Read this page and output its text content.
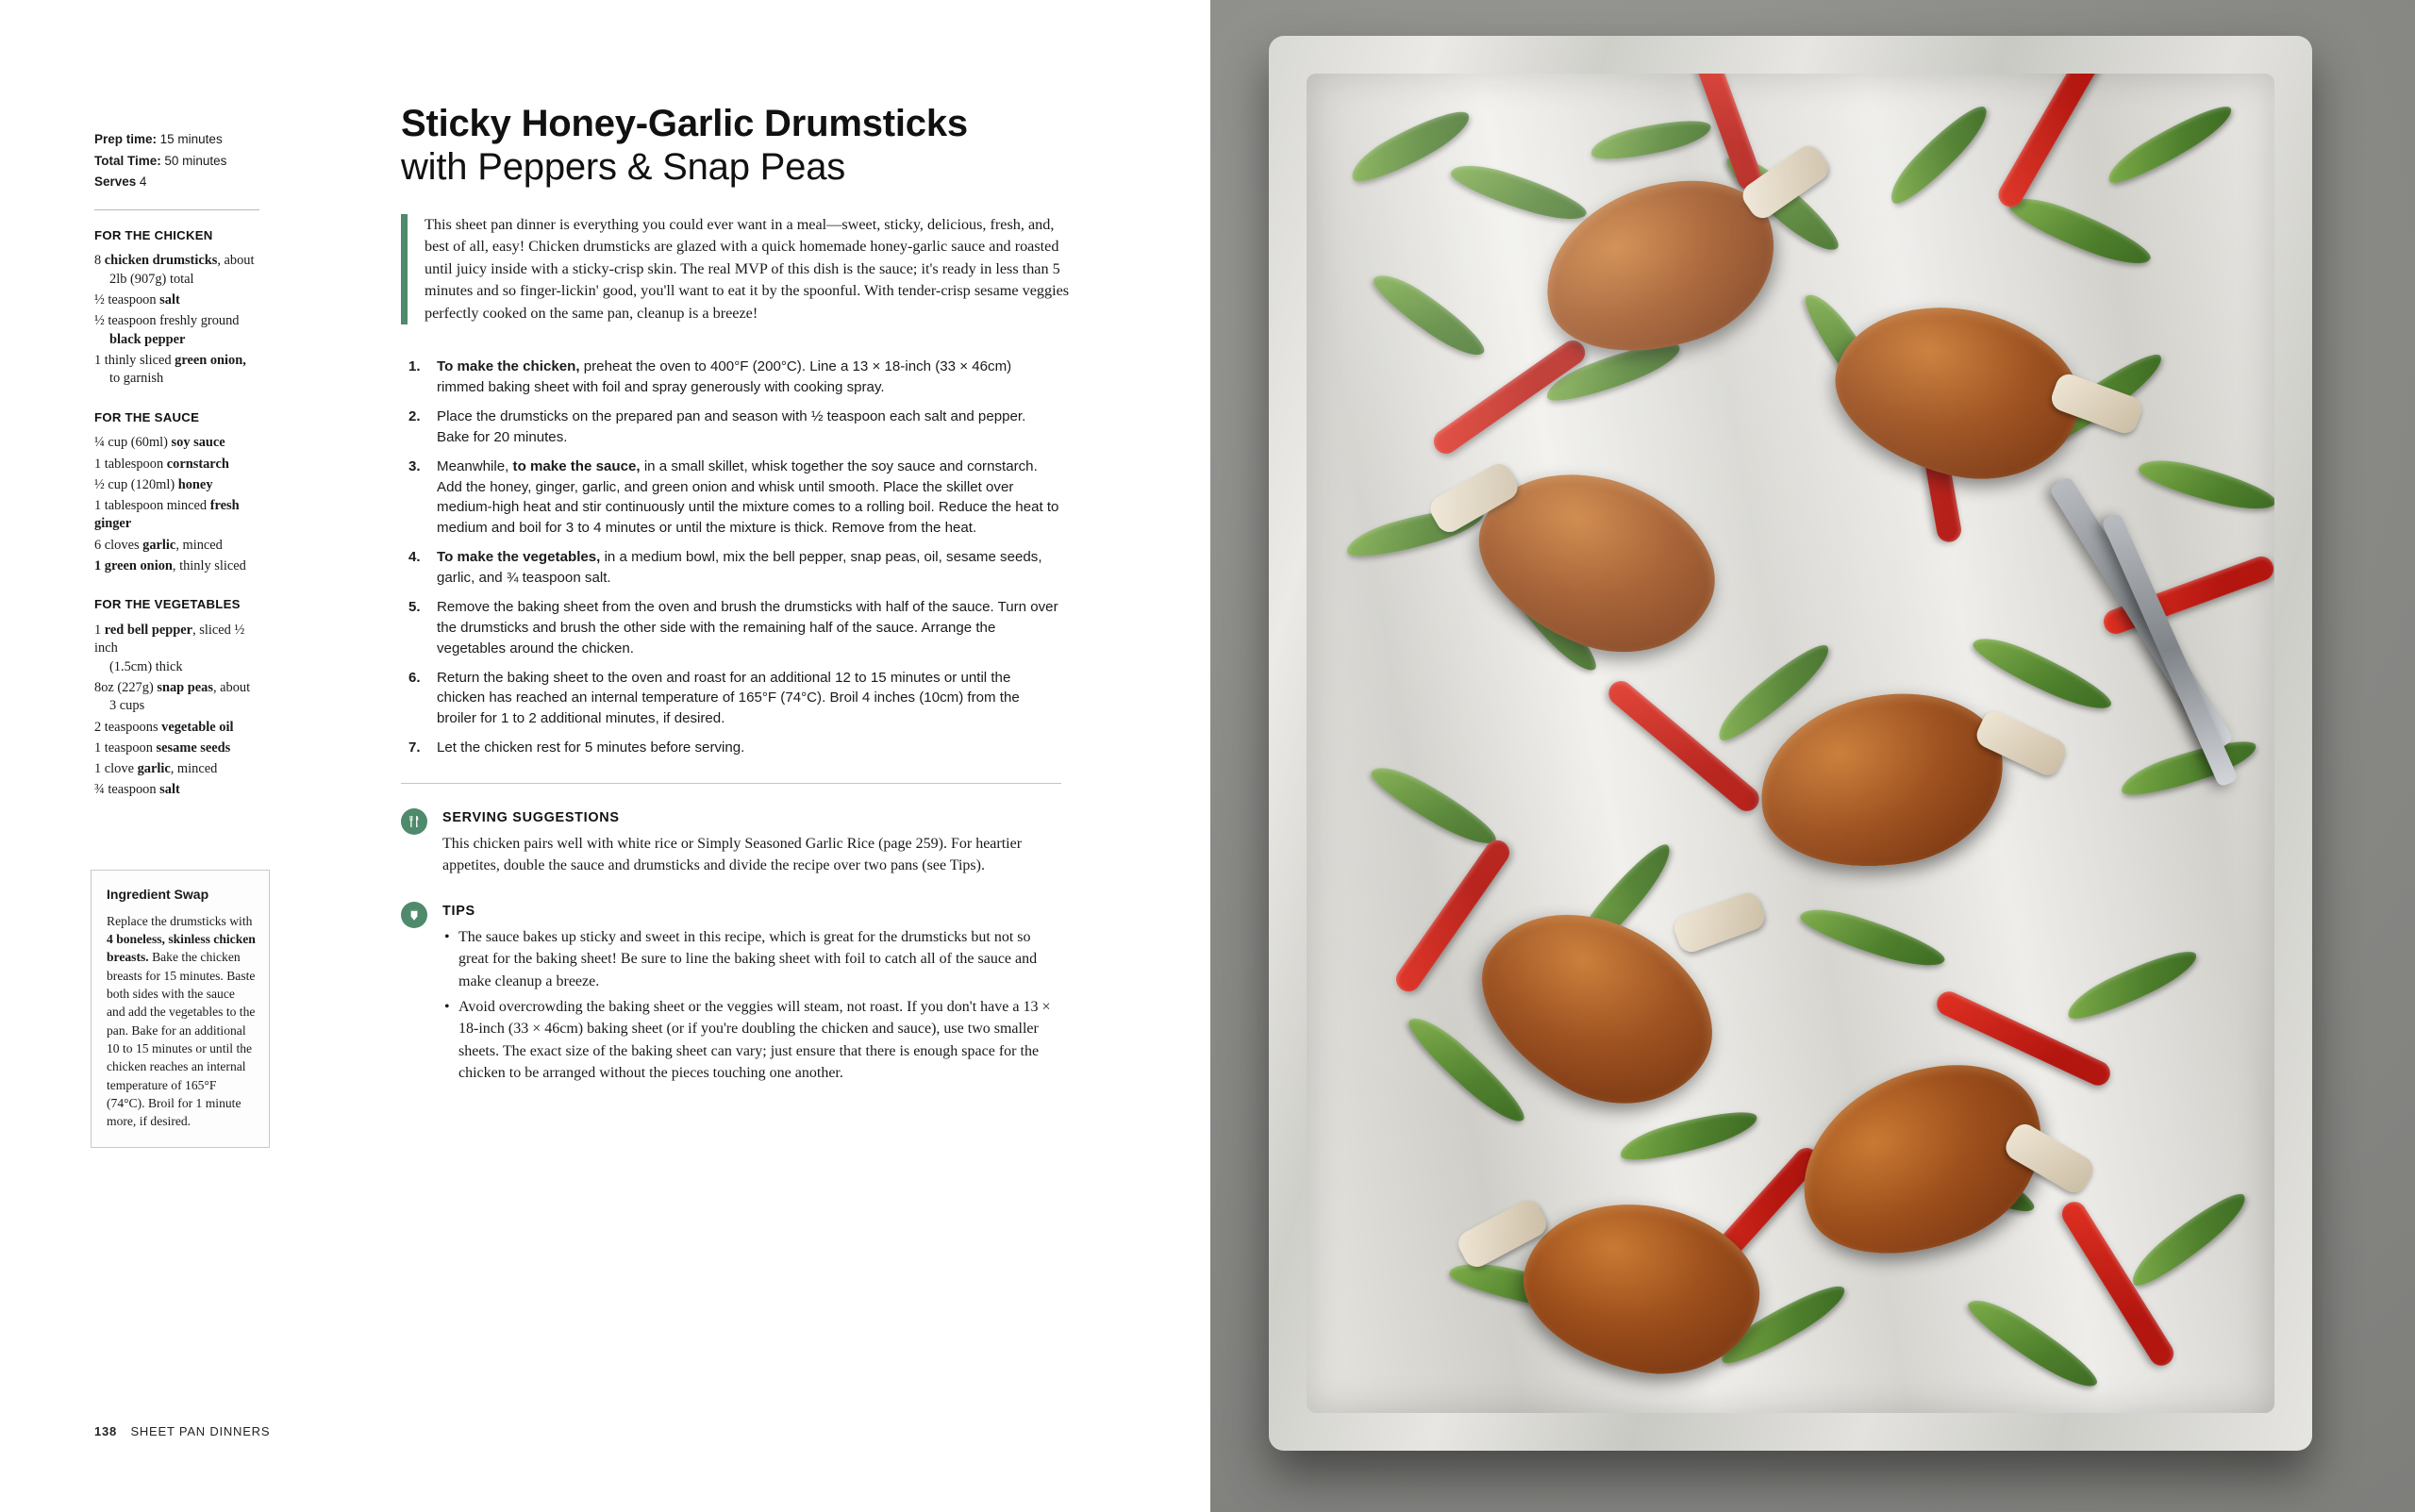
Prep time: 15 minutes
Total Time: 50 minutes
Serves 4
FOR THE CHICKEN
8 chicken drumsticks, about
2lb (907g) total
½ teaspoon salt
½ teaspoon freshly ground
black pepper
1 thinly sliced green onion,
to garnish
FOR THE SAUCE
¼ cup (60ml) soy sauce
1 tablespoon cornstarch
½ cup (120ml) honey
1 tablespoon minced fresh ginger
6 cloves garlic, minced
1 green onion, thinly sliced
FOR THE VEGETABLES
1 red bell pepper, sliced ½ inch
(1.5cm) thick
8oz (227g) snap peas, about
3 cups
2 teaspoons vegetable oil
1 teaspoon sesame seeds
1 clove garlic, minced
¾ teaspoon salt
Ingredient Swap
Replace the drumsticks with 4 boneless, skinless chicken breasts. Bake the chicken breasts for 15 minutes. Baste both sides with the sauce and add the vegetables to the pan. Bake for an additional 10 to 15 minutes or until the chicken reaches an internal temperature of 165°F (74°C). Broil for 1 minute more, if desired.
Sticky Honey-Garlic Drumsticks
with Peppers & Snap Peas
This sheet pan dinner is everything you could ever want in a meal—sweet, sticky, delicious, fresh, and, best of all, easy! Chicken drumsticks are glazed with a quick homemade honey-garlic sauce and roasted until juicy inside with a sticky-crisp skin. The real MVP of this dish is the sauce; it's ready in less than 5 minutes and so finger-lickin' good, you'll want to eat it by the spoonful. With tender-crisp sesame veggies perfectly cooked on the same pan, cleanup is a breeze!
1. To make the chicken, preheat the oven to 400°F (200°C). Line a 13 × 18-inch (33 × 46cm) rimmed baking sheet with foil and spray generously with cooking spray.
2. Place the drumsticks on the prepared pan and season with ½ teaspoon each salt and pepper. Bake for 20 minutes.
3. Meanwhile, to make the sauce, in a small skillet, whisk together the soy sauce and cornstarch. Add the honey, ginger, garlic, and green onion and whisk until smooth. Place the skillet over medium-high heat and stir continuously until the mixture comes to a rolling boil. Reduce the heat to medium and boil for 3 to 4 minutes or until the mixture is thick. Remove from the heat.
4. To make the vegetables, in a medium bowl, mix the bell pepper, snap peas, oil, sesame seeds, garlic, and ¾ teaspoon salt.
5. Remove the baking sheet from the oven and brush the drumsticks with half of the sauce. Turn over the drumsticks and brush the other side with the remaining half of the sauce. Arrange the vegetables around the chicken.
6. Return the baking sheet to the oven and roast for an additional 12 to 15 minutes or until the chicken has reached an internal temperature of 165°F (74°C). Broil 4 inches (10cm) from the broiler for 1 to 2 additional minutes, if desired.
7. Let the chicken rest for 5 minutes before serving.
SERVING SUGGESTIONS

This chicken pairs well with white rice or Simply Seasoned Garlic Rice (page 259). For heartier appetites, double the sauce and drumsticks and divide the recipe over two pans (see Tips).

TIPS
• The sauce bakes up sticky and sweet in this recipe, which is great for the drumsticks but not so great for the baking sheet! Be sure to line the baking sheet with foil to catch all of the sauce and make cleanup a breeze.
• Avoid overcrowding the baking sheet or the veggies will steam, not roast. If you don't have a 13 × 18-inch (33 × 46cm) baking sheet (or if you're doubling the chicken and sauce), use two smaller sheets. The exact size of the baking sheet can vary; just ensure that there is enough space for the chicken to be arranged without the pieces touching one another.
138 SHEET PAN DINNERS
